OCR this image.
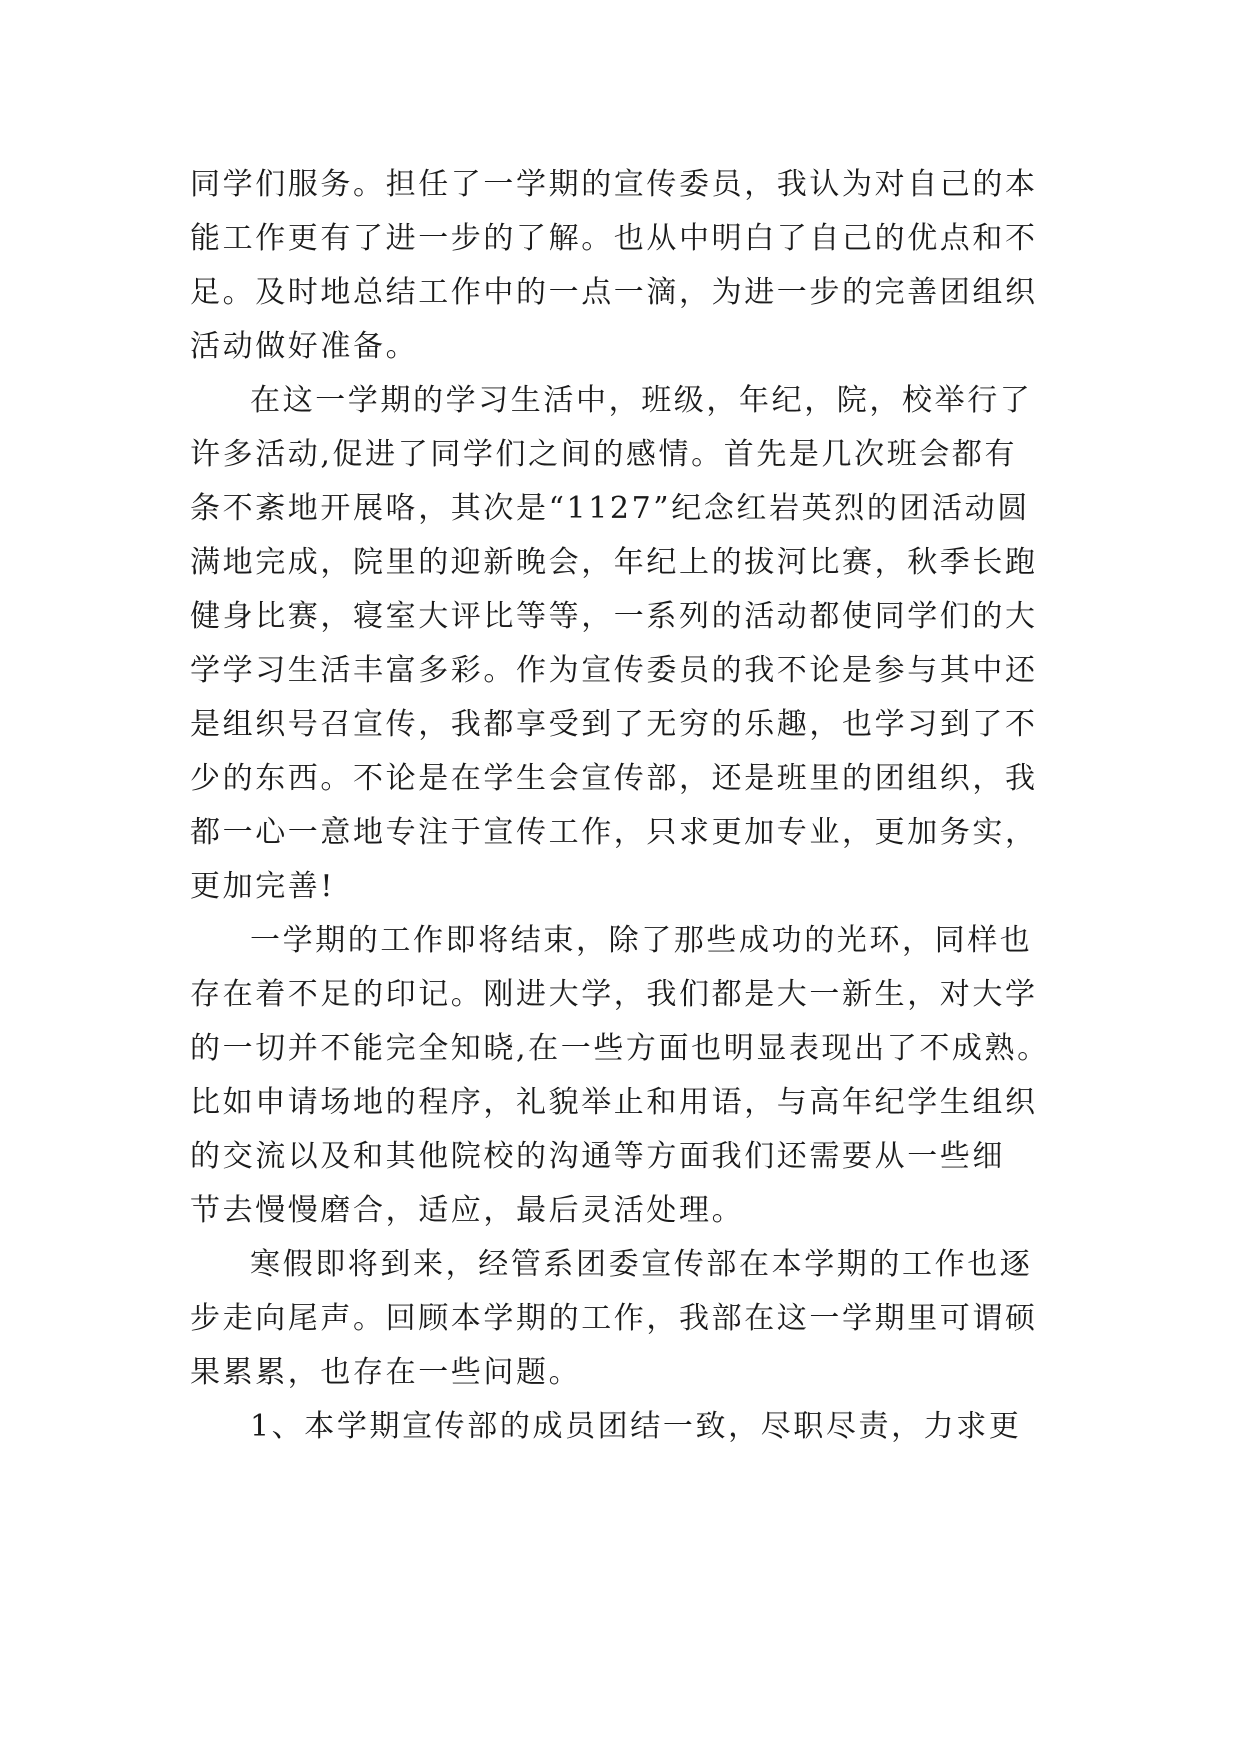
同学们服务。担任了一学期的宣传委员，我认为对自己的本
能工作更有了进一步的了解。也从中明白了自己的优点和不
足。及时地总结工作中的一点一滴，为进一步的完善团组织
活动做好准备。

在这一学期的学习生活中，班级，年纪，院，校举行了
许多活动,促进了同学们之间的感情。首先是几次班会都有
条不紊地开展咯，其次是“1127”纪念红岩英烈的团活动圆
满地完成，院里的迎新晚会，年纪上的拔河比赛，秋季长跑
健身比赛，寝室大评比等等，一系列的活动都使同学们的大
学学习生活丰富多彩。作为宣传委员的我不论是参与其中还
是组织号召宣传，我都享受到了无穷的乐趣，也学习到了不
少的东西。不论是在学生会宣传部，还是班里的团组织，我
都一心一意地专注于宣传工作，只求更加专业，更加务实，
更加完善!

一学期的工作即将结束，除了那些成功的光环，同样也
存在着不足的印记。刚进大学，我们都是大一新生，对大学
的一切并不能完全知晓,在一些方面也明显表现出了不成熟。
比如申请场地的程序，礼貌举止和用语，与高年纪学生组织
的交流以及和其他院校的沟通等方面我们还需要从一些细
节去慢慢磨合，适应，最后灵活处理。

寒假即将到来，经管系团委宣传部在本学期的工作也逐
步走向尾声。回顾本学期的工作，我部在这一学期里可谓硕
果累累，也存在一些问题。

1、本学期宣传部的成员团结一致，尽职尽责，力求更
